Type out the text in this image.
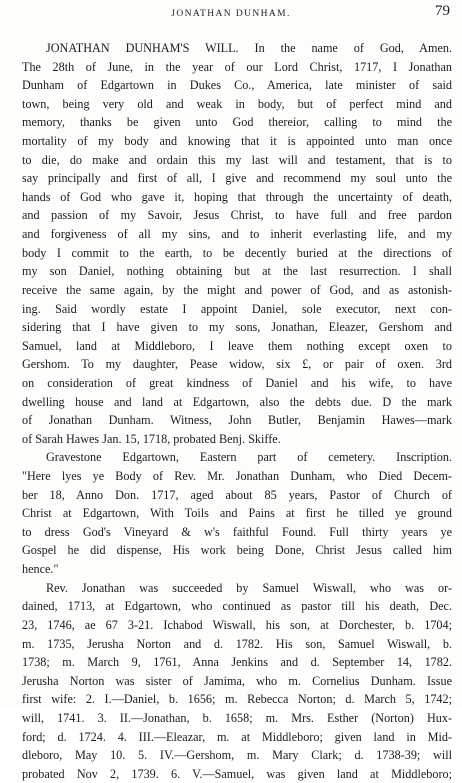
JONATHAN DUNHAM.	79
JONATHAN DUNHAM'S WILL. In the name of God, Amen.
The 28th of June, in the year of our Lord Christ, 1717, I Jonathan
Dunham of Edgartown in Dukes Co., America, late minister of said
town, being very old and weak in body, but of perfect mind and
memory, thanks be given unto God thereior, calling to mind the
mortality of my body and knowing that it is appointed unto man once
to die, do make and ordain this my last will and testament, that is to
say principally and first of all, I give and recommend my soul unto the
hands of God who gave it, hoping that through the uncertainty of death,
and passion of my Savoir, Jesus Christ, to have full and free pardon
and forgiveness of all my sins, and to inherit everlasting life, and my
body I commit to the earth, to be decently buried at the directions of
my son Daniel, nothing obtaining but at the last resurrection. I shall
receive the same again, by the might and power of God, and as astonish-
ing. Said wordly estate I appoint Daniel, sole executor, next con-
sidering that I have given to my sons, Jonathan, Eleazer, Gershom and
Samuel, land at Middleboro, I leave them nothing except oxen to
Gershom. To my daughter, Pease widow, six £, or pair of oxen. 3rd
on consideration of great kindness of Daniel and his wife, to have
dwelling house and land at Edgartown, also the debts due. D the mark
of Jonathan Dunham. Witness, John Butler, Benjamin Hawes—mark
of Sarah Hawes Jan. 15, 1718, probated Benj. Skiffe.
Gravestone Edgartown, Eastern part of cemetery. Inscription.
"Here lyes ye Body of Rev. Mr. Jonathan Dunham, who Died Decem-
ber 18, Anno Don. 1717, aged about 85 years, Pastor of Church of
Christ at Edgartown, With Toils and Pains at first he tilled ye ground
to dress God's Vineyard & w's faithful Found. Full thirty years ye
Gospel he did dispense, His work being Done, Christ Jesus called him
hence."
Rev. Jonathan was succeeded by Samuel Wiswall, who was or-
dained, 1713, at Edgartown, who continued as pastor till his death, Dec.
23, 1746, ae 67 3-21. Ichabod Wiswall, his son, at Dorchester, b. 1704;
m. 1735, Jerusha Norton and d. 1782. His son, Samuel Wiswall, b.
1738; m. March 9, 1761, Anna Jenkins and d. September 14, 1782.
Jerusha Norton was sister of Jamima, who m. Cornelius Dunham. Issue
first wife: 2. I.—Daniel, b. 1656; m. Rebecca Norton; d. March 5, 1742;
will, 1741. 3. II.—Jonathan, b. 1658; m. Mrs. Esther (Norton) Hux-
ford; d. 1724. 4. III.—Eleazar, m. at Middleboro; given land in Mid-
dleboro, May 10. 5. IV.—Gershom, m. Mary Clark; d. 1738-39; will
probated Nov 2, 1739. 6. V.—Samuel, was given land at Middleboro;
